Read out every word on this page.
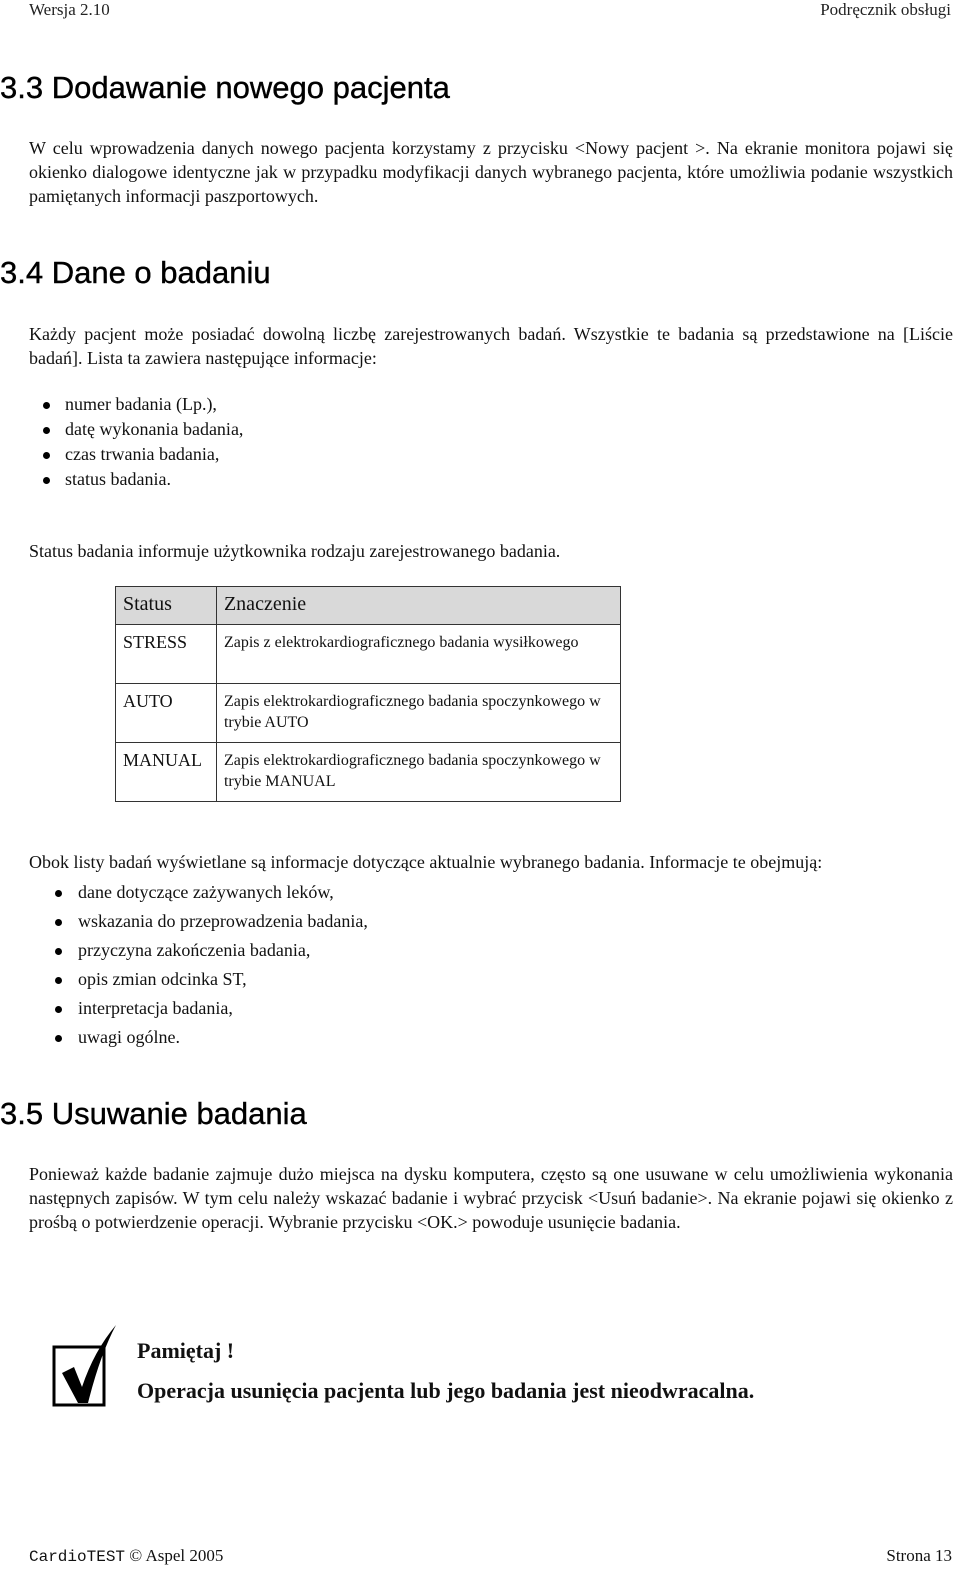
Wersja 2.10	Podręcznik obsługi
3.3 Dodawanie nowego pacjenta

W celu wprowadzenia danych nowego pacjenta korzystamy z przycisku <Nowy pacjent >. Na ekranie monitora pojawi się okienko dialogowe identyczne jak w przypadku modyfikacji danych wybranego pacjenta, które umożliwia podanie wszystkich pamiętanych informacji paszportowych.

3.4 Dane o badaniu

Każdy pacjent może posiadać dowolną liczbę zarejestrowanych badań. Wszystkie te badania są przedstawione na [Liście badań]. Lista ta zawiera następujące informacje:

numer badania (Lp.),
datę wykonania badania,
czas trwania badania,
status badania.

Status badania informuje użytkownika rodzaju zarejestrowanego badania.

Status	Znaczenie
STRESS	Zapis z elektrokardiograficznego badania wysiłkowego
AUTO	Zapis elektrokardiograficznego badania spoczynkowego w trybie AUTO
MANUAL	Zapis elektrokardiograficznego badania spoczynkowego w trybie MANUAL

Obok listy badań wyświetlane są informacje dotyczące aktualnie wybranego badania. Informacje te obejmują:

dane dotyczące zażywanych leków,
wskazania do przeprowadzenia badania,
przyczyna zakończenia badania,
opis zmian odcinka ST,
interpretacja badania,
uwagi ogólne.
3.5 Usuwanie badania

Ponieważ każde badanie zajmuje dużo miejsca na dysku komputera, często są one usuwane w celu umożliwienia wykonania następnych zapisów. W tym celu należy wskazać badanie i wybrać przycisk <Usuń badanie>. Na ekranie pojawi się okienko z prośbą o potwierdzenie operacji. Wybranie przycisku <OK.> powoduje usunięcie badania.

Pamiętaj !
Operacja usunięcia pacjenta lub jego badania jest nieodwracalna.
CardioTEST © Aspel 2005	Strona 13
